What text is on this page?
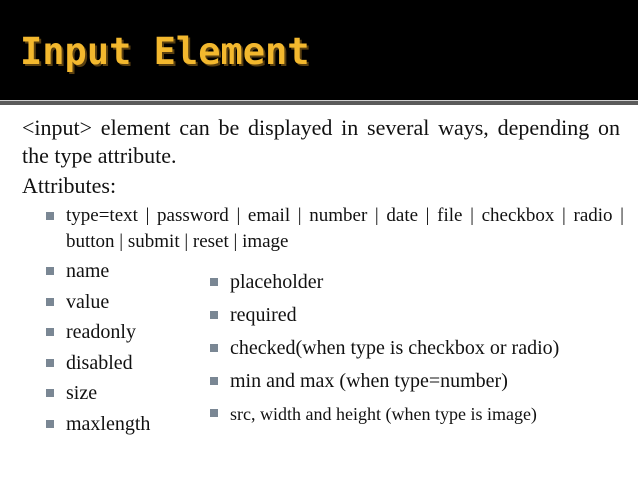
Input Element
<input> element can be displayed in several ways, depending on the type attribute.
Attributes:
type=text | password | email | number | date | file | checkbox | radio | button | submit | reset | image
name
value
readonly
disabled
size
maxlength
placeholder
required
checked(when type is checkbox or radio)
min and max (when type=number)
src, width and height (when type is image)
